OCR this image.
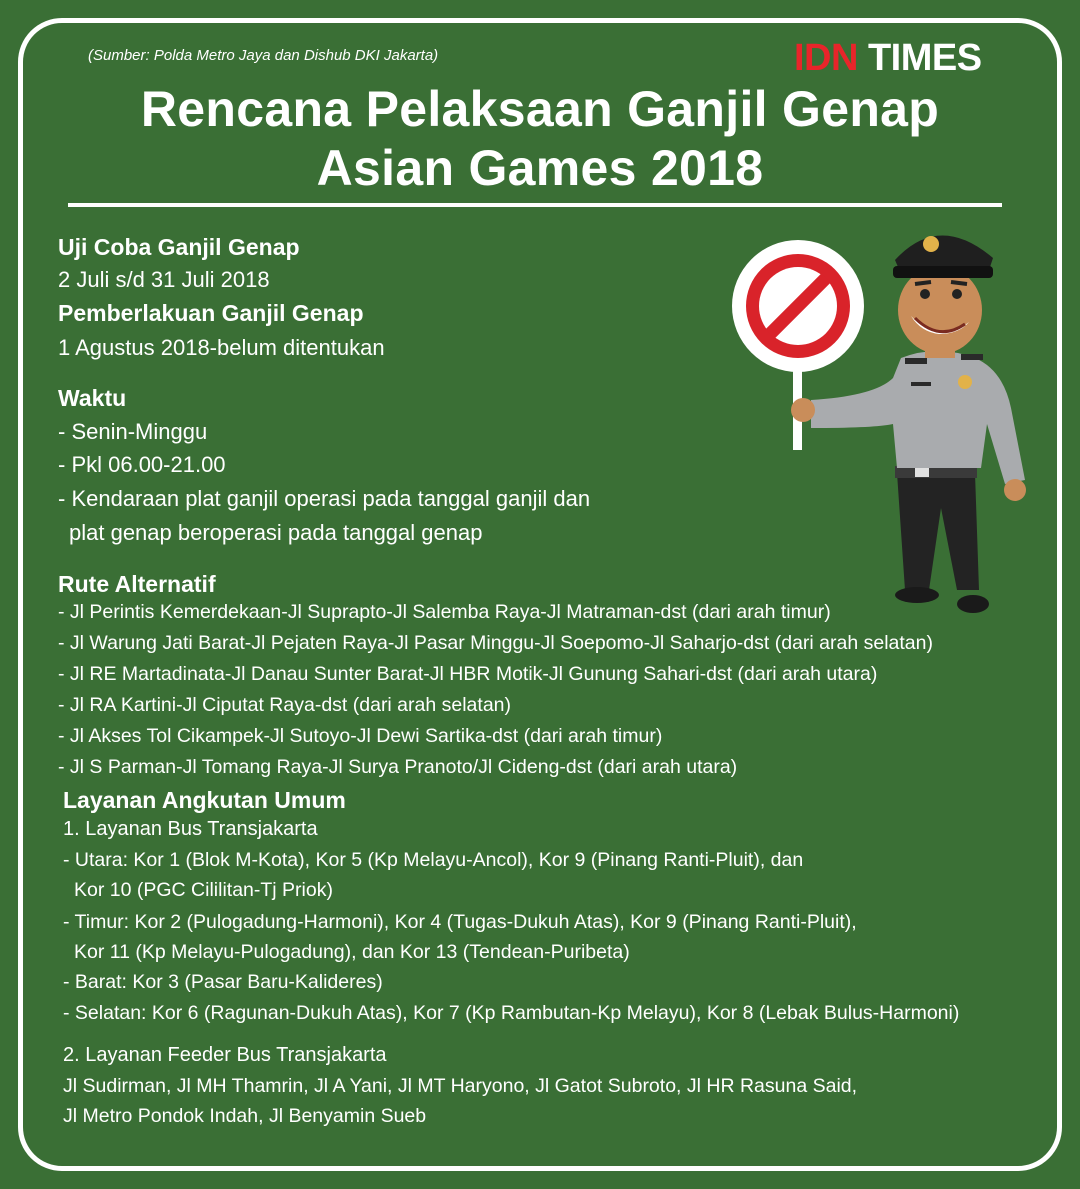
(Sumber: Polda Metro Jaya dan Dishub DKI Jakarta)	IDN TIMES
Rencana Pelaksaan Ganjil Genap
Asian Games 2018
Uji Coba Ganjil Genap
2 Juli s/d 31 Juli 2018
Pemberlakuan Ganjil Genap
1 Agustus 2018-belum ditentukan
Waktu
- Senin-Minggu
- Pkl 06.00-21.00
- Kendaraan plat ganjil operasi pada tanggal ganjil dan
plat genap beroperasi pada tanggal genap
Rute Alternatif
- Jl Perintis Kemerdekaan-Jl Suprapto-Jl Salemba Raya-Jl Matraman-dst (dari arah timur)
- Jl Warung Jati Barat-Jl Pejaten Raya-Jl Pasar Minggu-Jl Soepomo-Jl Saharjo-dst (dari arah selatan)
- Jl RE Martadinata-Jl Danau Sunter Barat-Jl HBR Motik-Jl Gunung Sahari-dst (dari arah utara)
- Jl RA Kartini-Jl Ciputat Raya-dst (dari arah selatan)
- Jl Akses Tol Cikampek-Jl Sutoyo-Jl Dewi Sartika-dst (dari arah timur)
- Jl S Parman-Jl Tomang Raya-Jl Surya Pranoto/Jl Cideng-dst (dari arah utara)
Layanan Angkutan Umum
1. Layanan Bus Transjakarta
- Utara: Kor 1 (Blok M-Kota), Kor 5 (Kp Melayu-Ancol), Kor 9 (Pinang Ranti-Pluit), dan
Kor 10 (PGC Cililitan-Tj Priok)
- Timur: Kor 2 (Pulogadung-Harmoni), Kor 4 (Tugas-Dukuh Atas), Kor 9 (Pinang Ranti-Pluit),
Kor 11 (Kp Melayu-Pulogadung), dan Kor 13 (Tendean-Puribeta)
- Barat: Kor 3 (Pasar Baru-Kalideres)
- Selatan: Kor 6 (Ragunan-Dukuh Atas), Kor 7 (Kp Rambutan-Kp Melayu), Kor 8 (Lebak Bulus-Harmoni)
2. Layanan Feeder Bus Transjakarta
Jl Sudirman, Jl MH Thamrin, Jl A Yani, Jl MT Haryono, Jl Gatot Subroto, Jl HR Rasuna Said,
Jl Metro Pondok Indah, Jl Benyamin Sueb
